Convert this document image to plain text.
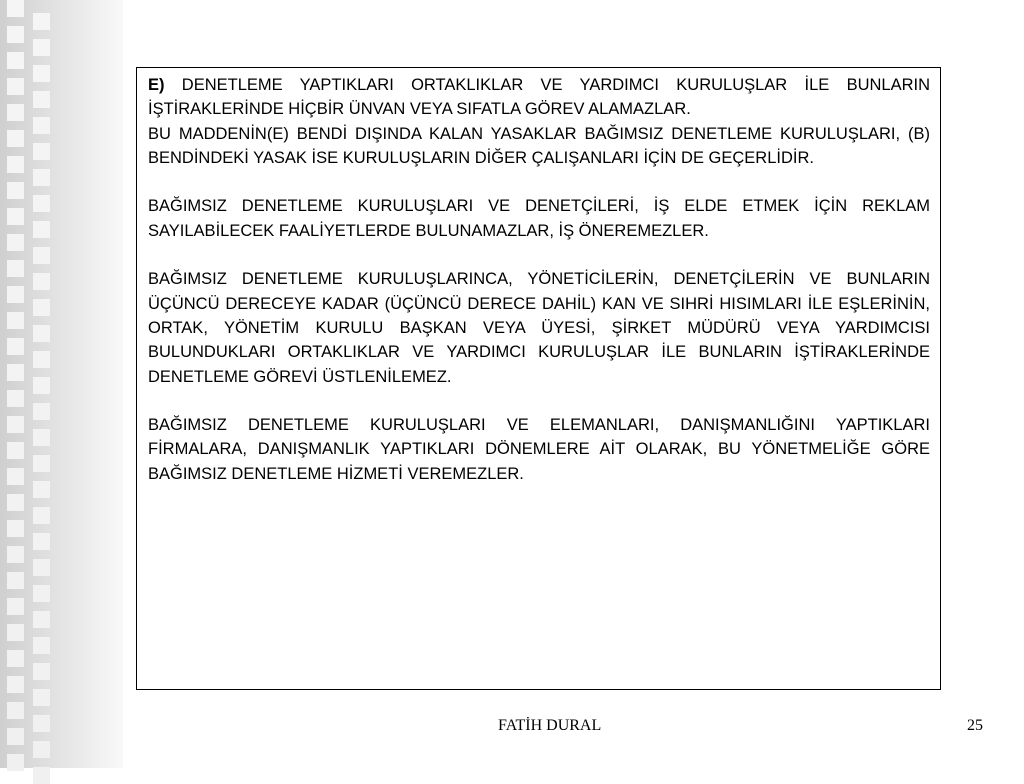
E) DENETLEME YAPTIKLARI ORTAKLIKLAR VE YARDIMCI KURULUŞLAR İLE BUNLARIN İŞTİRAKLERİNDE HİÇBİR ÜNVAN VEYA SIFATLA GÖREV ALAMAZLAR.

BU MADDENİN(E) BENDİ DIŞINDA KALAN YASAKLAR BAĞIMSIZ DENETLEME KURULUŞLARI, (B) BENDİNDEKİ YASAK İSE KURULUŞLARIN DİĞER ÇALIŞANLARI İÇİN DE GEÇERLİDİR.

BAĞIMSIZ DENETLEME KURULUŞLARI VE DENETÇİLERİ, İŞ ELDE ETMEK İÇİN REKLAM SAYILABİLECEK FAALİYETLERDE BULUNAMAZLAR, İŞ ÖNEREMEZLER.

BAĞIMSIZ DENETLEME KURULUŞLARINCA, YÖNETİCİLERİN, DENETÇİLERİN VE BUNLARIN ÜÇÜNCÜ DERECEYE KADAR (ÜÇÜNCÜ DERECE DAHİL) KAN VE SIHRİ HISIMLARI İLE EŞLERİNİN, ORTAK, YÖNETİM KURULU BAŞKAN VEYA ÜYESİ, ŞİRKET MÜDÜRÜ VEYA YARDIMCISI BULUNDUKLARI ORTAKLIKLAR VE YARDIMCI KURULUŞLAR İLE BUNLARIN İŞTİRAKLERİNDE DENETLEME GÖREVİ ÜSTLENİLEMEZ.

BAĞIMSIZ DENETLEME KURULUŞLARI VE ELEMANLARI, DANIŞMANLIĞINI YAPTIKLARI FİRMALARA, DANIŞMANLIK YAPTIKLARI DÖNEMLERE AİT OLARAK, BU YÖNETMELİĞE GÖRE BAĞIMSIZ DENETLEME HİZMETİ VEREMEZLER.

FATİH DURAL	25
